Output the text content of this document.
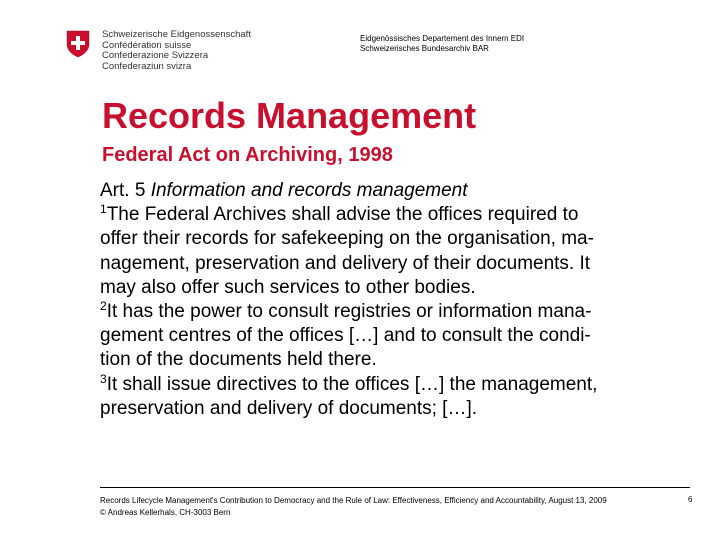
Schweizerische Eidgenossenschaft
Confédération suisse
Confederazione Svizzera
Confederaziun svizra
Eidgenössisches Departement des Innern EDI
Schweizerisches Bundesarchiv BAR
Records Management
Federal Act on Archiving, 1998
Art. 5 Information and records management
$^1$The Federal Archives shall advise the offices required to
offer their records for safekeeping on the organisation, ma-
nagement, preservation and delivery of their documents. It
may also offer such services to other bodies.
$^2$It has the power to consult registries or information mana-
gement centres of the offices […] and to consult the condi-
tion of the documents held there.
$^3$It shall issue directives to the offices […] the management,
preservation and delivery of documents; […].
Records Lifecycle Management's Contribution to Democracy and the Rule of Law: Effectiveness, Efficiency and Accountability, August 13, 2009
© Andreas Kellerhals, CH-3003 Bern
6
